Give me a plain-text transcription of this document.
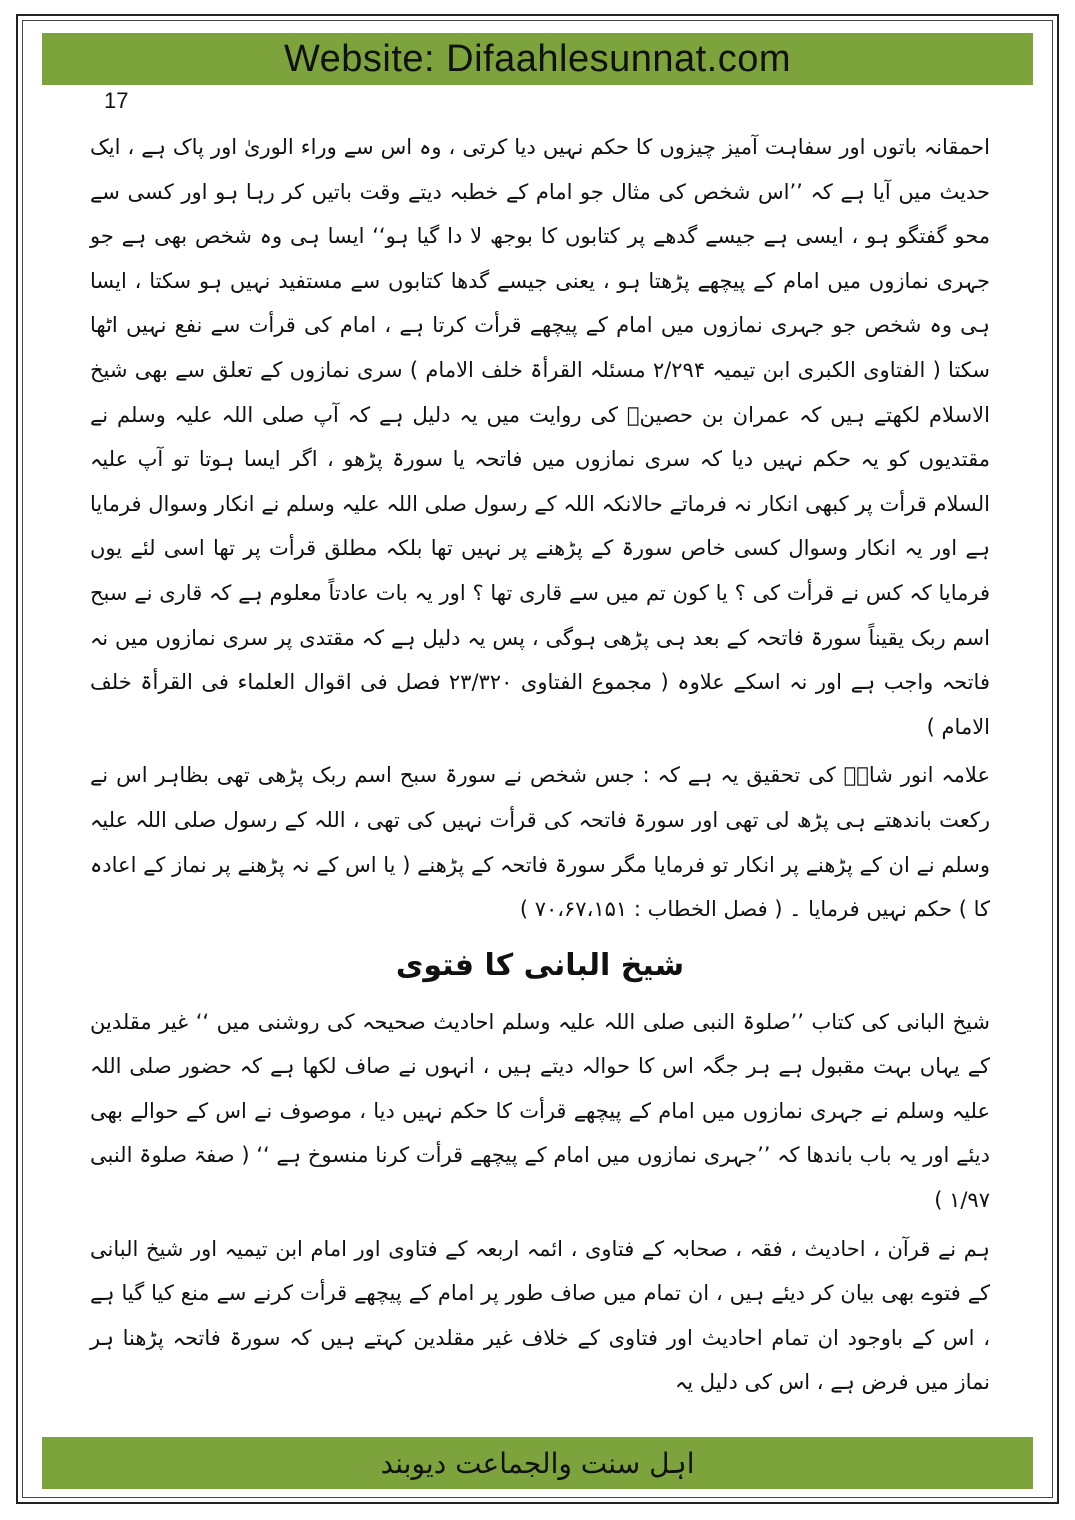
Website: Difaahlesunnat.com
17

احمقانہ باتوں اور سفاہت آمیز چیزوں کا حکم نہیں دیا کرتی ، وہ اس سے وراء الوریٰ اور پاک ہے ، ایک حدیث میں آیا ہے کہ ’’اس شخص کی مثال جو امام کے خطبہ دیتے وقت باتیں کر رہا ہو اور کسی سے محو گفتگو ہو ، ایسی ہے جیسے گدھے پر کتابوں کا بوجھ لا دا گیا ہو‘‘ ایسا ہی وہ شخص بھی ہے جو جہری نمازوں میں امام کے پیچھے پڑھتا ہو ، یعنی جیسے گدھا کتابوں سے مستفید نہیں ہو سکتا ، ایسا ہی وہ شخص جو جہری نمازوں میں امام کے پیچھے قرأت کرتا ہے ، امام کی قرأت سے نفع نہیں اٹھا سکتا ( الفتاوی الکبری ابن تیمیہ ۲/۲۹۴ مسئلہ القرأۃ خلف الامام ) سری نمازوں کے تعلق سے بھی شیخ الاسلام لکھتے ہیں کہ عمران بن حصینؓ کی روایت میں یہ دلیل ہے کہ آپ صلی اللہ علیہ وسلم نے مقتدیوں کو یہ حکم نہیں دیا کہ سری نمازوں میں فاتحہ یا سورۃ پڑھو ، اگر ایسا ہوتا تو آپ علیہ السلام قرأت پر کبھی انکار نہ فرماتے حالانکہ اللہ کے رسول صلی اللہ علیہ وسلم نے انکار وسوال فرمایا ہے اور یہ انکار وسوال کسی خاص سورۃ کے پڑھنے پر نہیں تھا بلکہ مطلق قرأت پر تھا اسی لئے یوں فرمایا کہ کس نے قرأت کی ؟ یا کون تم میں سے قاری تھا ؟ اور یہ بات عادتاً معلوم ہے کہ قاری نے سبح اسم ربک یقیناً سورۃ فاتحہ کے بعد ہی پڑھی ہوگی ، پس یہ دلیل ہے کہ مقتدی پر سری نمازوں میں نہ فاتحہ واجب ہے اور نہ اسکے علاوہ ( مجموع الفتاوی ۲۳/۳۲۰ فصل فی اقوال العلماء فی القرأۃ خلف الامام )

علامہ انور شاہؒ کی تحقیق یہ ہے کہ : جس شخص نے سورۃ سبح اسم ربک پڑھی تھی بظاہر اس نے رکعت باندھتے ہی پڑھ لی تھی اور سورۃ فاتحہ کی قرأت نہیں کی تھی ، اللہ کے رسول صلی اللہ علیہ وسلم نے ان کے پڑھنے پر انکار تو فرمایا مگر سورۃ فاتحہ کے پڑھنے ( یا اس کے نہ پڑھنے پر نماز کے اعادہ کا ) حکم نہیں فرمایا ۔ ( فصل الخطاب : ۷۰،۶۷،۱۵۱ )

شیخ البانی کا فتوی

شیخ البانی کی کتاب ’’صلوۃ النبی صلی اللہ علیہ وسلم احادیث صحیحہ کی روشنی میں ‘‘ غیر مقلدین کے یہاں بہت مقبول ہے ہر جگہ اس کا حوالہ دیتے ہیں ، انہوں نے صاف لکھا ہے کہ حضور صلی اللہ علیہ وسلم نے جہری نمازوں میں امام کے پیچھے قرأت کا حکم نہیں دیا ، موصوف نے اس کے حوالے بھی دیئے اور یہ باب باندھا کہ ’’جہری نمازوں میں امام کے پیچھے قرأت کرنا منسوخ ہے ‘‘ ( صفۃ صلوۃ النبی ۱/۹۷ )

ہم نے قرآن ، احادیث ، فقہ ، صحابہ کے فتاوی ، ائمہ اربعہ کے فتاوی اور امام ابن تیمیہ اور شیخ البانی کے فتوے بھی بیان کر دیئے ہیں ، ان تمام میں صاف طور پر امام کے پیچھے قرأت کرنے سے منع کیا گیا ہے ، اس کے باوجود ان تمام احادیث اور فتاوی کے خلاف غیر مقلدین کہتے ہیں کہ سورۃ فاتحہ پڑھنا ہر نماز میں فرض ہے ، اس کی دلیل یہ

اہل سنت والجماعت دیوبند
